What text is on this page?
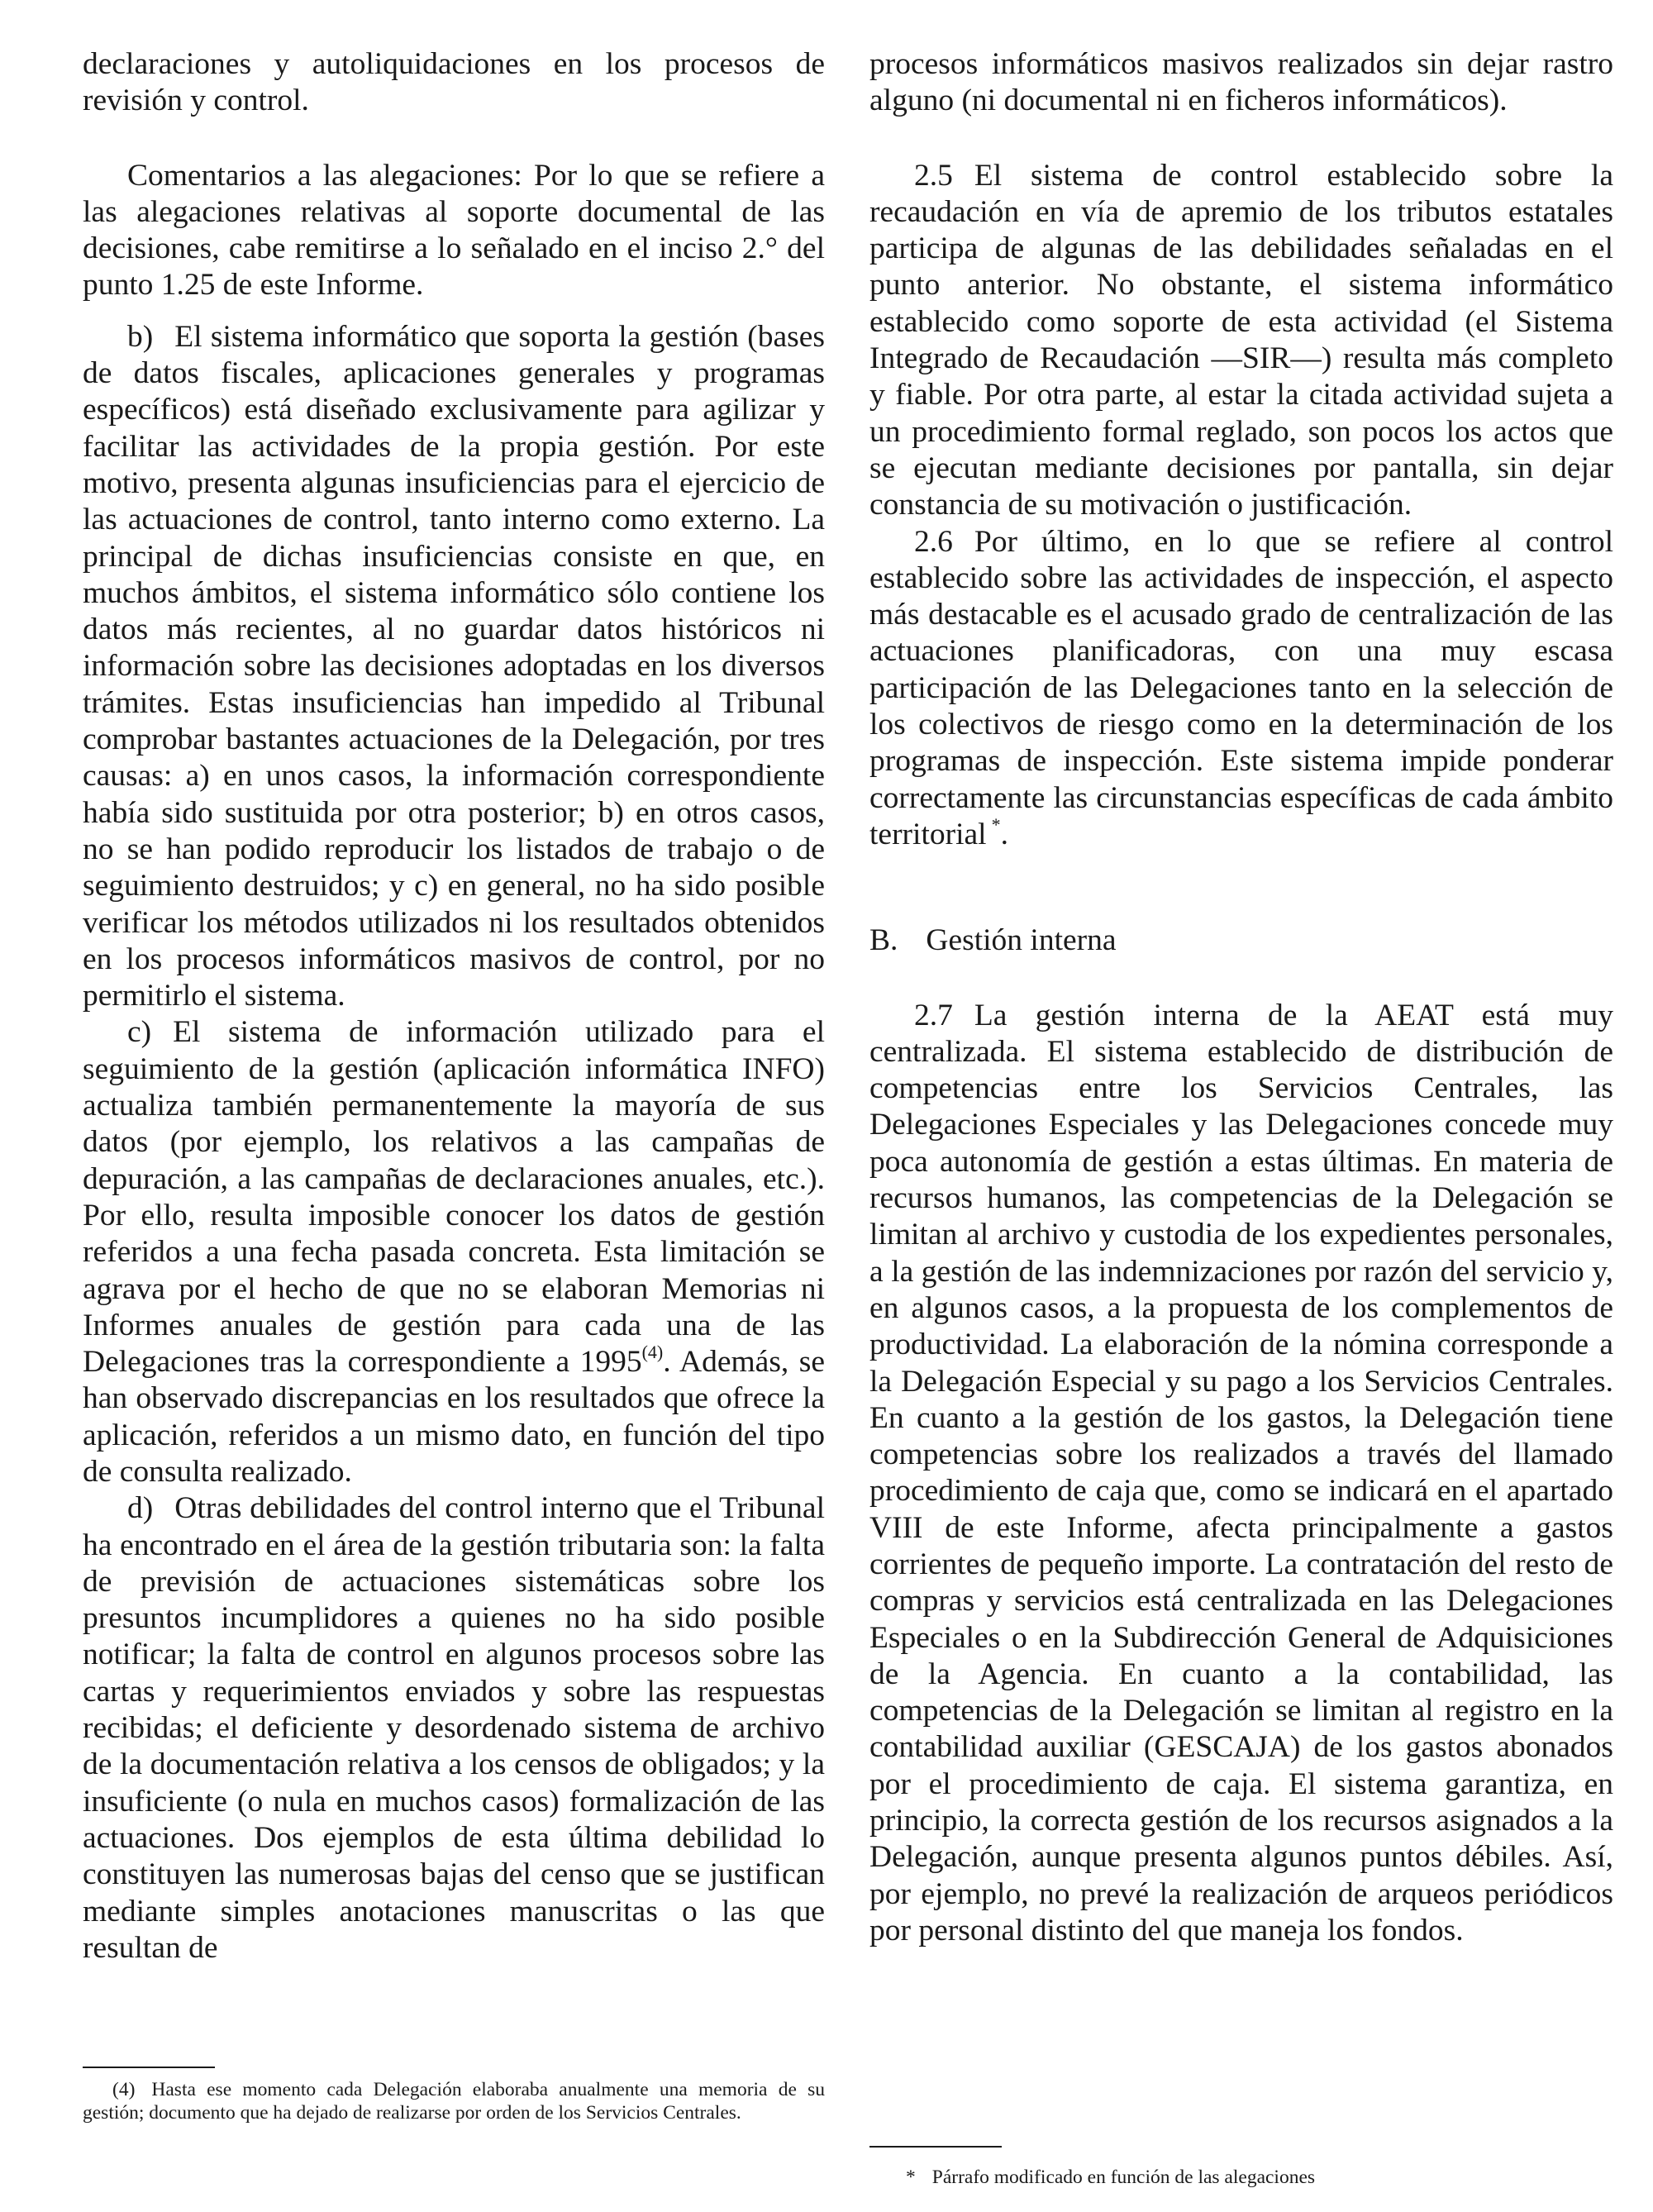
declaraciones y autoliquidaciones en los procesos de revisión y control.

Comentarios a las alegaciones: Por lo que se refiere a las alegaciones relativas al soporte documental de las decisiones, cabe remitirse a lo señalado en el inciso 2.° del punto 1.25 de este Informe.

b) El sistema informático que soporta la gestión (bases de datos fiscales, aplicaciones generales y programas específicos) está diseñado exclusivamente para agilizar y facilitar las actividades de la propia gestión. Por este motivo, presenta algunas insuficiencias para el ejercicio de las actuaciones de control, tanto interno como externo. La principal de dichas insuficiencias consiste en que, en muchos ámbitos, el sistema informático sólo contiene los datos más recientes, al no guardar datos históricos ni información sobre las decisiones adoptadas en los diversos trámites. Estas insuficiencias han impedido al Tribunal comprobar bastantes actuaciones de la Delegación, por tres causas: a) en unos casos, la información correspondiente había sido sustituida por otra posterior; b) en otros casos, no se han podido reproducir los listados de trabajo o de seguimiento destruidos; y c) en general, no ha sido posible verificar los métodos utilizados ni los resultados obtenidos en los procesos informáticos masivos de control, por no permitirlo el sistema.

c) El sistema de información utilizado para el seguimiento de la gestión (aplicación informática INFO) actualiza también permanentemente la mayoría de sus datos (por ejemplo, los relativos a las campañas de depuración, a las campañas de declaraciones anuales, etc.). Por ello, resulta imposible conocer los datos de gestión referidos a una fecha pasada concreta. Esta limitación se agrava por el hecho de que no se elaboran Memorias ni Informes anuales de gestión para cada una de las Delegaciones tras la correspondiente a 1995$^{(4)}$. Además, se han observado discrepancias en los resultados que ofrece la aplicación, referidos a un mismo dato, en función del tipo de consulta realizado.

d) Otras debilidades del control interno que el Tribunal ha encontrado en el área de la gestión tributaria son: la falta de previsión de actuaciones sistemáticas sobre los presuntos incumplidores a quienes no ha sido posible notificar; la falta de control en algunos procesos sobre las cartas y requerimientos enviados y sobre las respuestas recibidas; el deficiente y desordenado sistema de archivo de la documentación relativa a los censos de obligados; y la insuficiente (o nula en muchos casos) formalización de las actuaciones. Dos ejemplos de esta última debilidad lo constituyen las numerosas bajas del censo que se justifican mediante simples anotaciones manuscritas o las que resultan de

(4) Hasta ese momento cada Delegación elaboraba anualmente una memoria de su gestión; documento que ha dejado de realizarse por orden de los Servicios Centrales.

procesos informáticos masivos realizados sin dejar rastro alguno (ni documental ni en ficheros informáticos).

2.5 El sistema de control establecido sobre la recaudación en vía de apremio de los tributos estatales participa de algunas de las debilidades señaladas en el punto anterior. No obstante, el sistema informático establecido como soporte de esta actividad (el Sistema Integrado de Recaudación —SIR—) resulta más completo y fiable. Por otra parte, al estar la citada actividad sujeta a un procedimiento formal reglado, son pocos los actos que se ejecutan mediante decisiones por pantalla, sin dejar constancia de su motivación o justificación.

2.6 Por último, en lo que se refiere al control establecido sobre las actividades de inspección, el aspecto más destacable es el acusado grado de centralización de las actuaciones planificadoras, con una muy escasa participación de las Delegaciones tanto en la selección de los colectivos de riesgo como en la determinación de los programas de inspección. Este sistema impide ponderar correctamente las circunstancias específicas de cada ámbito territorial *.

B. Gestión interna

2.7 La gestión interna de la AEAT está muy centralizada. El sistema establecido de distribución de competencias entre los Servicios Centrales, las Delegaciones Especiales y las Delegaciones concede muy poca autonomía de gestión a estas últimas. En materia de recursos humanos, las competencias de la Delegación se limitan al archivo y custodia de los expedientes personales, a la gestión de las indemnizaciones por razón del servicio y, en algunos casos, a la propuesta de los complementos de productividad. La elaboración de la nómina corresponde a la Delegación Especial y su pago a los Servicios Centrales. En cuanto a la gestión de los gastos, la Delegación tiene competencias sobre los realizados a través del llamado procedimiento de caja que, como se indicará en el apartado VIII de este Informe, afecta principalmente a gastos corrientes de pequeño importe. La contratación del resto de compras y servicios está centralizada en las Delegaciones Especiales o en la Subdirección General de Adquisiciones de la Agencia. En cuanto a la contabilidad, las competencias de la Delegación se limitan al registro en la contabilidad auxiliar (GESCAJA) de los gastos abonados por el procedimiento de caja. El sistema garantiza, en principio, la correcta gestión de los recursos asignados a la Delegación, aunque presenta algunos puntos débiles. Así, por ejemplo, no prevé la realización de arqueos periódicos por personal distinto del que maneja los fondos.

* Párrafo modificado en función de las alegaciones
